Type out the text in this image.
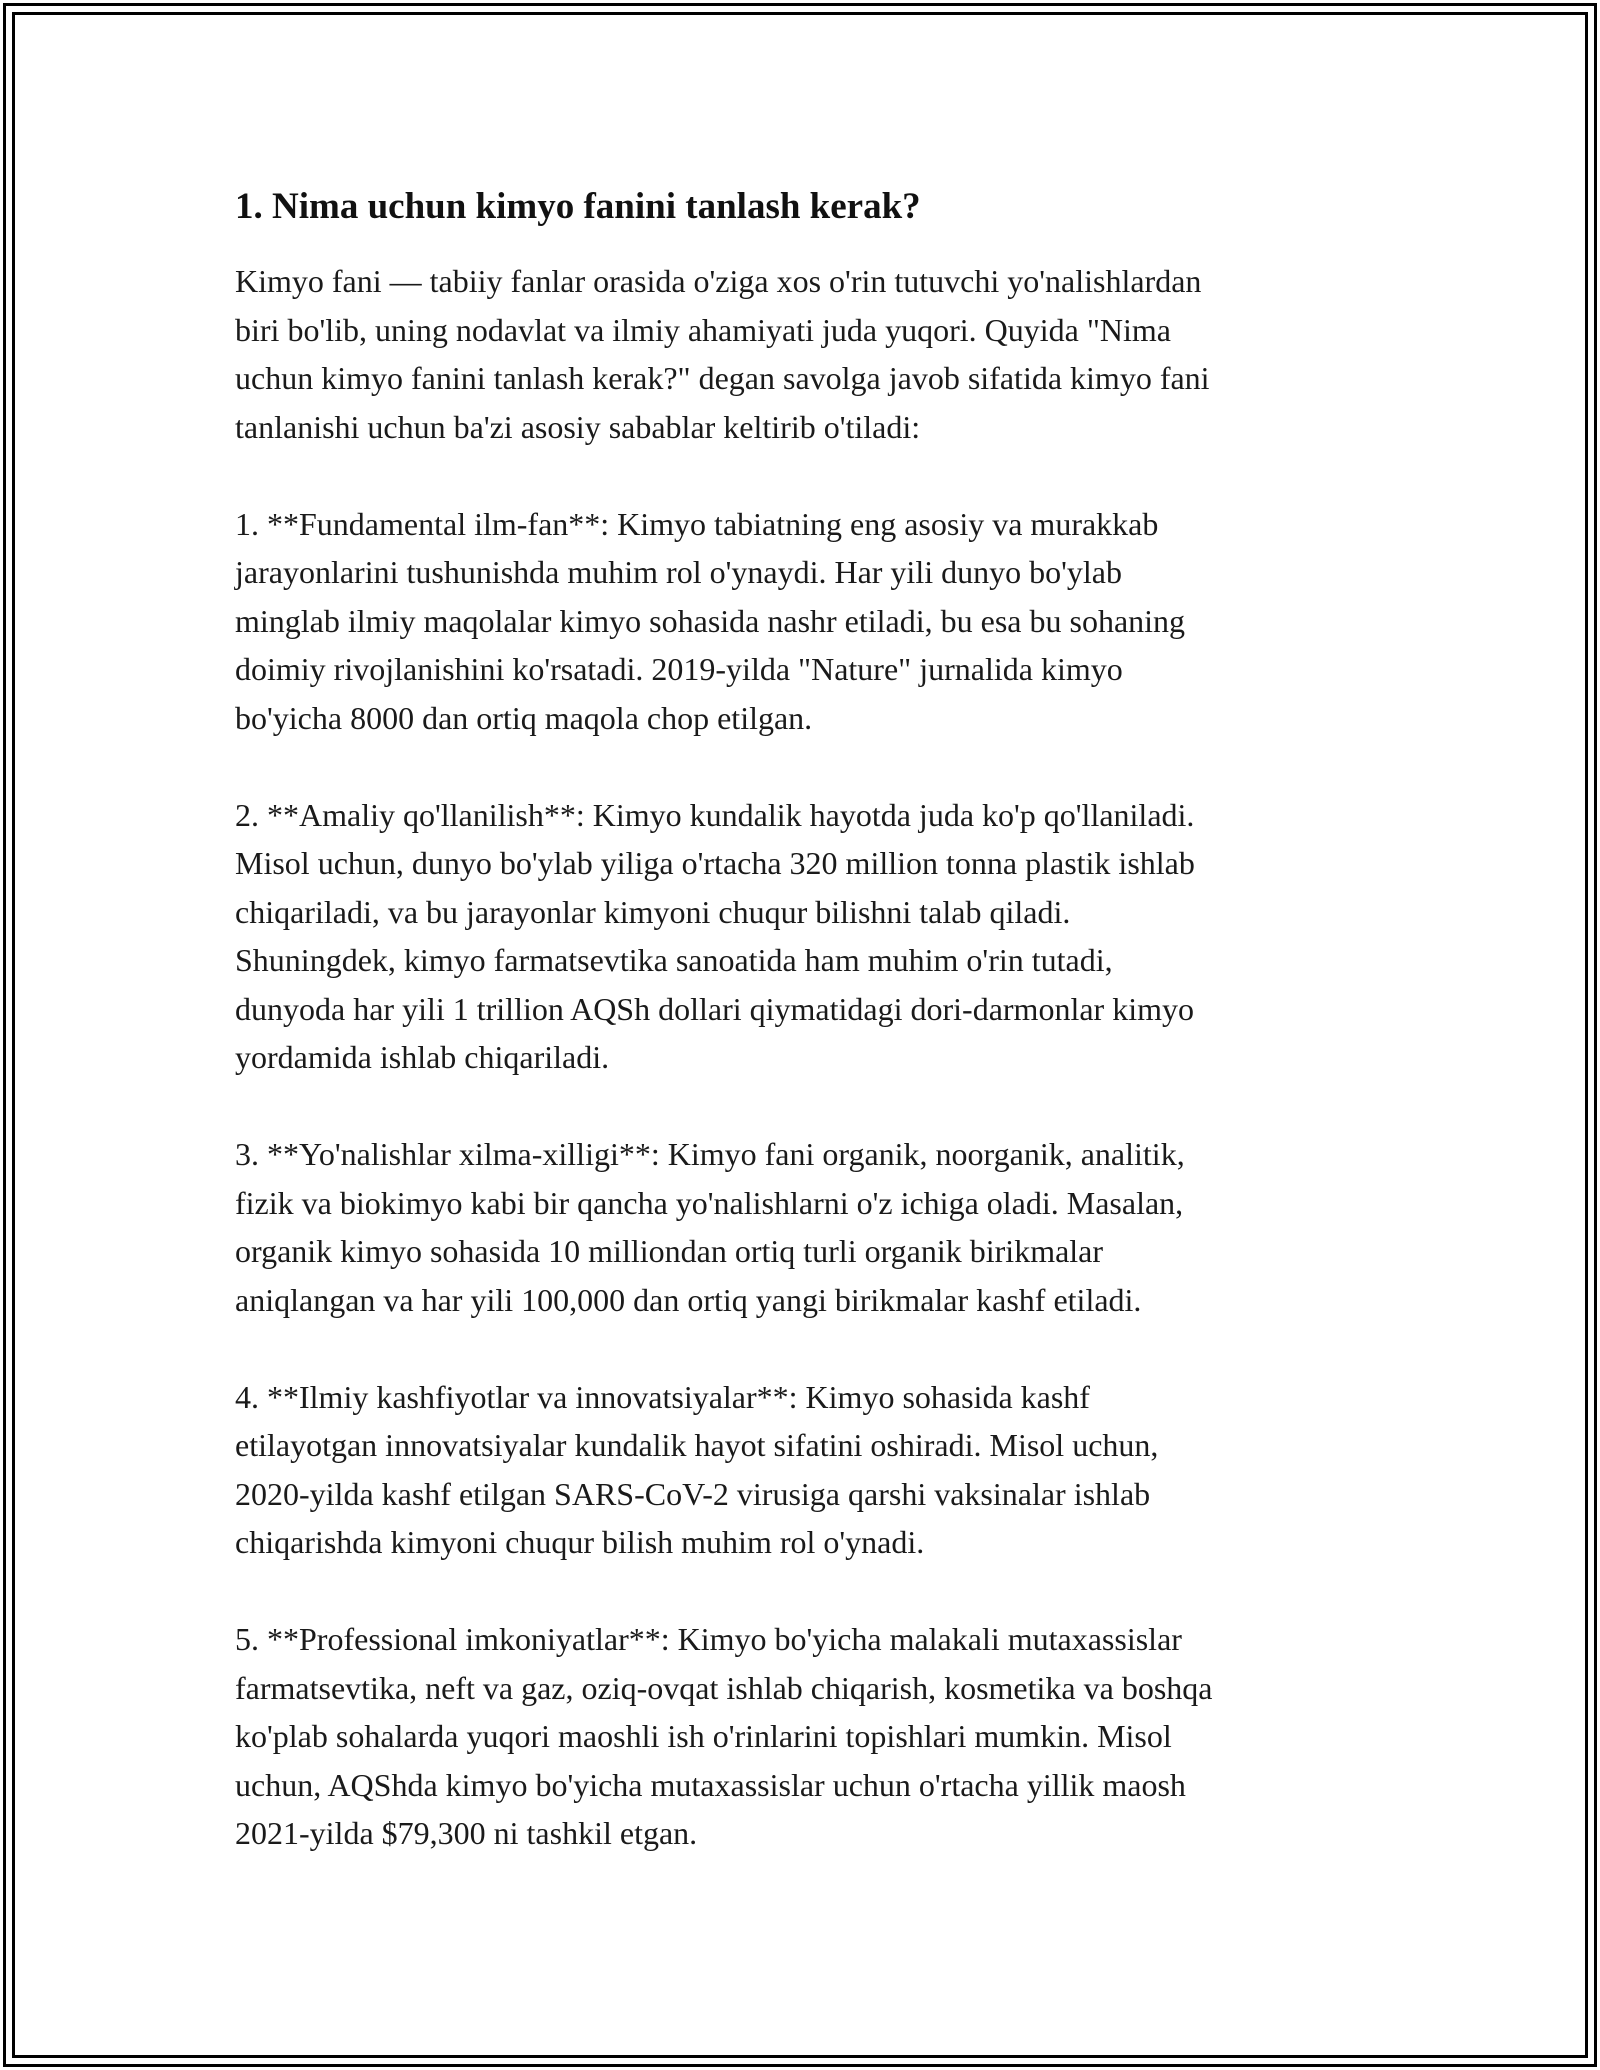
1. Nima uchun kimyo fanini tanlash kerak?

Kimyo fani — tabiiy fanlar orasida o'ziga xos o'rin tutuvchi yo'nalishlardan
biri bo'lib, uning nodavlat va ilmiy ahamiyati juda yuqori. Quyida "Nima
uchun kimyo fanini tanlash kerak?" degan savolga javob sifatida kimyo fani
tanlanishi uchun ba'zi asosiy sabablar keltirib o'tiladi:

1. **Fundamental ilm-fan**: Kimyo tabiatning eng asosiy va murakkab
jarayonlarini tushunishda muhim rol o'ynaydi. Har yili dunyo bo'ylab
minglab ilmiy maqolalar kimyo sohasida nashr etiladi, bu esa bu sohaning
doimiy rivojlanishini ko'rsatadi. 2019-yilda "Nature" jurnalida kimyo
bo'yicha 8000 dan ortiq maqola chop etilgan.

2. **Amaliy qo'llanilish**: Kimyo kundalik hayotda juda ko'p qo'llaniladi.
Misol uchun, dunyo bo'ylab yiliga o'rtacha 320 million tonna plastik ishlab
chiqariladi, va bu jarayonlar kimyoni chuqur bilishni talab qiladi.
Shuningdek, kimyo farmatsevtika sanoatida ham muhim o'rin tutadi,
dunyoda har yili 1 trillion AQSh dollari qiymatidagi dori-darmonlar kimyo
yordamida ishlab chiqariladi.

3. **Yo'nalishlar xilma-xilligi**: Kimyo fani organik, noorganik, analitik,
fizik va biokimyo kabi bir qancha yo'nalishlarni o'z ichiga oladi. Masalan,
organik kimyo sohasida 10 milliondan ortiq turli organik birikmalar
aniqlangan va har yili 100,000 dan ortiq yangi birikmalar kashf etiladi.

4. **Ilmiy kashfiyotlar va innovatsiyalar**: Kimyo sohasida kashf
etilayotgan innovatsiyalar kundalik hayot sifatini oshiradi. Misol uchun,
2020-yilda kashf etilgan SARS-CoV-2 virusiga qarshi vaksinalar ishlab
chiqarishda kimyoni chuqur bilish muhim rol o'ynadi.

5. **Professional imkoniyatlar**: Kimyo bo'yicha malakali mutaxassislar
farmatsevtika, neft va gaz, oziq-ovqat ishlab chiqarish, kosmetika va boshqa
ko'plab sohalarda yuqori maoshli ish o'rinlarini topishlari mumkin. Misol
uchun, AQShda kimyo bo'yicha mutaxassislar uchun o'rtacha yillik maosh
2021-yilda $79,300 ni tashkil etgan.
